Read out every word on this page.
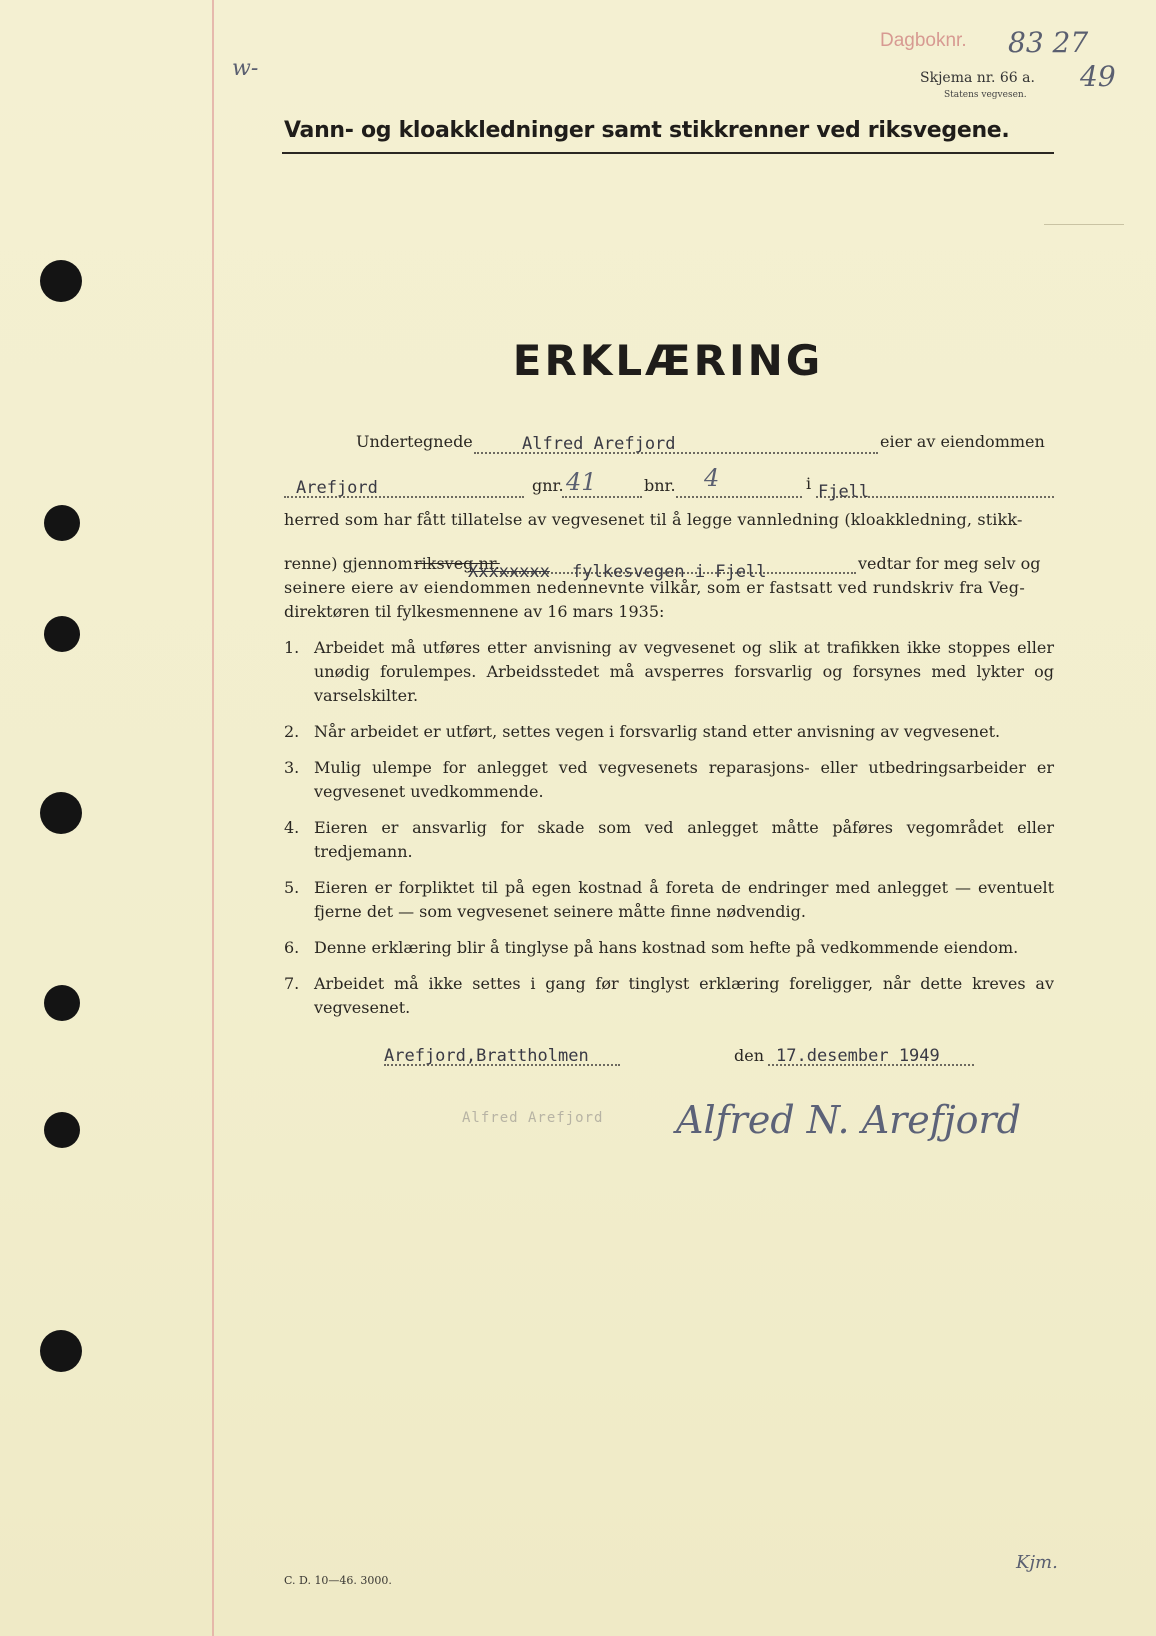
Dagboknr. 83 27
49
w-	Skjema nr. 66 a.
Statens vegvesen.
Vann- og kloakkledninger samt stikkrenner ved riksvegene.
ERKLÆRING
Undertegnede	Alfred Arefjord	eier av eiendommen
Arefjord	gnr. 41	bnr. 4	i Fjell
herred som har fått tillatelse av vegvesenet til å legge vannledning (kloakkledning, stikk-
renne) gjennom riksveg nr.
Xxxxxxxx fylkesvegen i Fjell	vedtar for meg selv og
seinere eiere av eiendommen nedennevnte vilkår, som er fastsatt ved rundskriv fra Veg-
direktøren til fylkesmennene av 16 mars 1935:
1. Arbeidet må utføres etter anvisning av vegvesenet og slik at trafikken ikke stoppes eller unødig forulempes. Arbeidsstedet må avsperres forsvarlig og forsynes med lykter og varselskilter.
2. Når arbeidet er utført, settes vegen i forsvarlig stand etter anvisning av vegvesenet.
3. Mulig ulempe for anlegget ved vegvesenets reparasjons- eller utbedringsarbeider er vegvesenet uvedkommende.
4. Eieren er ansvarlig for skade som ved anlegget måtte påføres vegområdet eller tredjemann.
5. Eieren er forpliktet til på egen kostnad å foreta de endringer med anlegget — eventuelt fjerne det — som vegvesenet seinere måtte finne nødvendig.
6. Denne erklæring blir å tinglyse på hans kostnad som hefte på vedkommende eiendom.
7. Arbeidet må ikke settes i gang før tinglyst erklæring foreligger, når dette kreves av vegvesenet.
Arefjord,Brattholmen	den 17.desember 1949
Alfred Arefjord Alfred N. Arefjord
Kjm.
C. D. 10—46. 3000.
